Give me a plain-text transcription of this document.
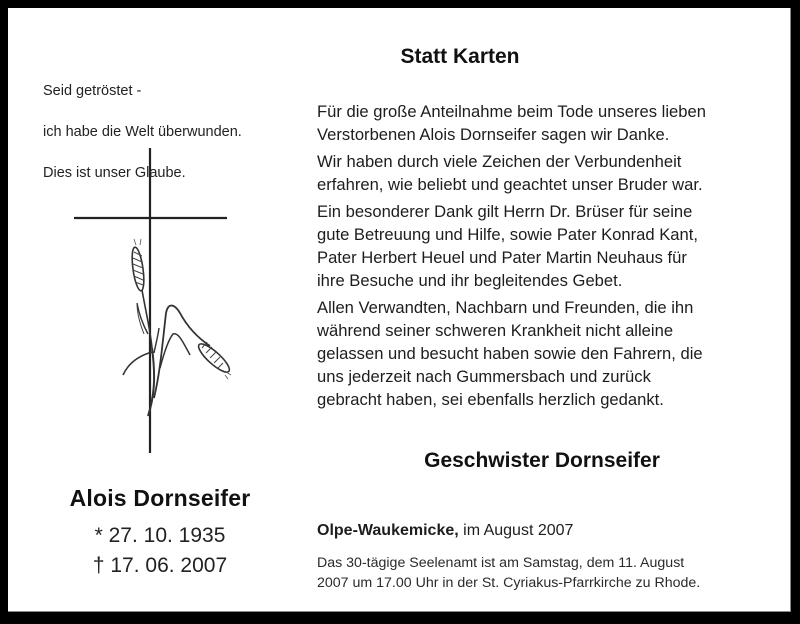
Seid getröstet -

ich habe die Welt überwunden.

Dies ist unser Glaube.

Alois Dornseifer
* 27. 10. 1935
† 17. 06. 2007
Statt Karten

Für die große Anteilnahme beim Tode unseres lieben
Verstorbenen Alois Dornseifer sagen wir Danke.

Wir haben durch viele Zeichen der Verbundenheit
erfahren, wie beliebt und geachtet unser Bruder war.

Ein besonderer Dank gilt Herrn Dr. Brüser für seine
gute Betreuung und Hilfe, sowie Pater Konrad Kant,
Pater Herbert Heuel und Pater Martin Neuhaus für
ihre Besuche und ihr begleitendes Gebet.

Allen Verwandten, Nachbarn und Freunden, die ihn
während seiner schweren Krankheit nicht alleine
gelassen und besucht haben sowie den Fahrern, die
uns jederzeit nach Gummersbach und zurück
gebracht haben, sei ebenfalls herzlich gedankt.

Geschwister Dornseifer
Olpe-Waukemicke, im August 2007
Das 30-tägige Seelenamt ist am Samstag, dem 11. August
2007 um 17.00 Uhr in der St. Cyriakus-Pfarrkirche zu Rhode.
